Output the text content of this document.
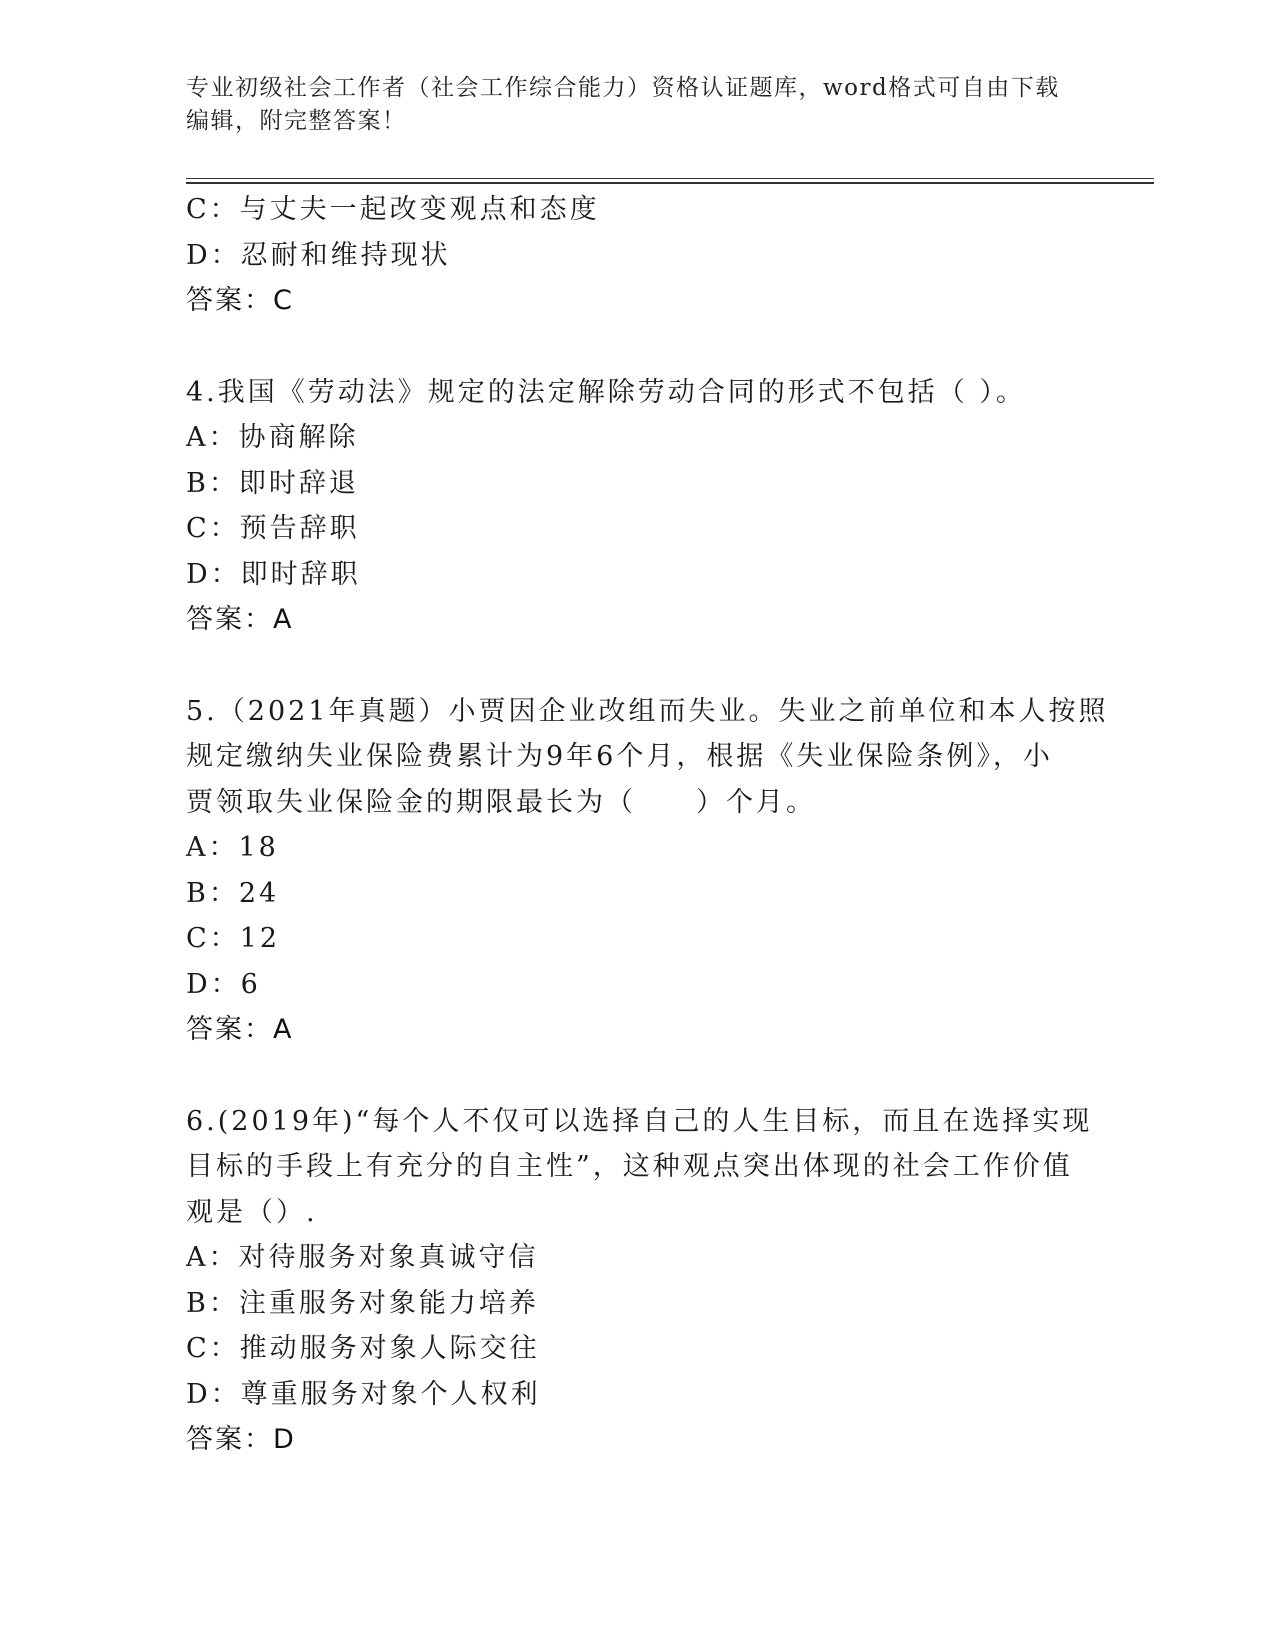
专业初级社会工作者（社会工作综合能力）资格认证题库，word格式可自由下载
编辑，附完整答案！
C：与丈夫一起改变观点和态度
D：忍耐和维持现状
答案：C
4.我国《劳动法》规定的法定解除劳动合同的形式不包括（ ）。
A：协商解除
B：即时辞退
C：预告辞职
D：即时辞职
答案：A
5.（2021年真题）小贾因企业改组而失业。失业之前单位和本人按照
规定缴纳失业保险费累计为9年6个月，根据《失业保险条例》，小
贾领取失业保险金的期限最长为（　　）个月。
A：18
B：24
C：12
D：6
答案：A
6.(2019年)“每个人不仅可以选择自己的人生目标，而且在选择实现
目标的手段上有充分的自主性”，这种观点突出体现的社会工作价值
观是（）.
A：对待服务对象真诚守信
B：注重服务对象能力培养
C：推动服务对象人际交往
D：尊重服务对象个人权利
答案：D
